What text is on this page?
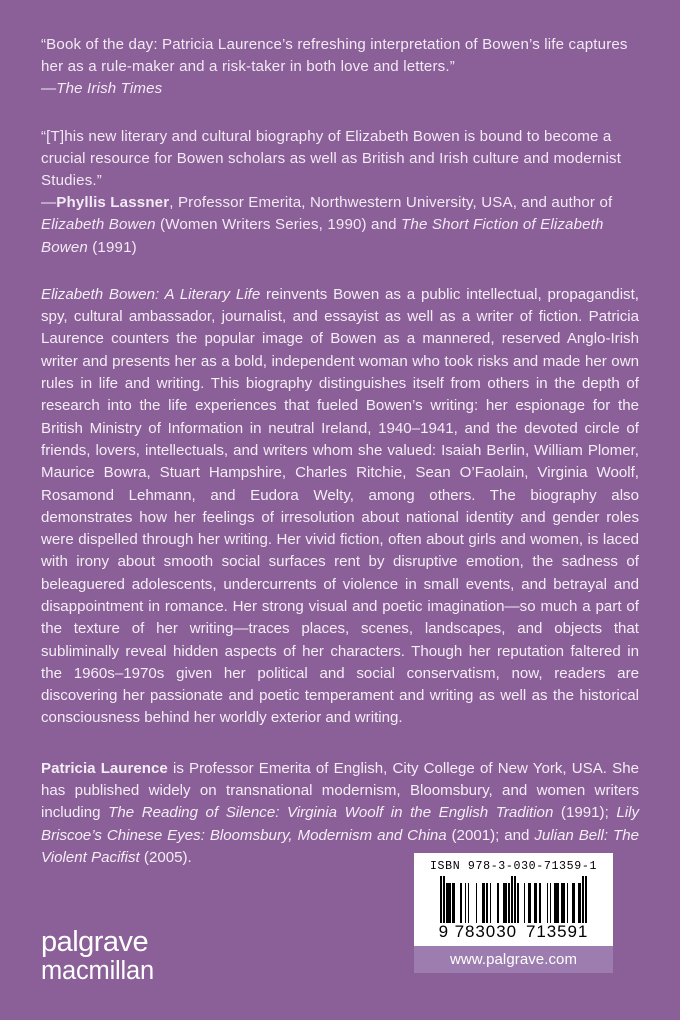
“Book of the day: Patricia Laurence’s refreshing interpretation of Bowen’s life captures her as a rule-maker and a risk-taker in both love and letters.”

—The Irish Times

“[T]his new literary and cultural biography of Elizabeth Bowen is bound to become a crucial resource for Bowen scholars as well as British and Irish culture and modernist Studies.”

—Phyllis Lassner, Professor Emerita, Northwestern University, USA, and author of Elizabeth Bowen (Women Writers Series, 1990) and The Short Fiction of Elizabeth Bowen (1991)

Elizabeth Bowen: A Literary Life reinvents Bowen as a public intellectual, propagandist, spy, cultural ambassador, journalist, and essayist as well as a writer of fiction. Patricia Laurence counters the popular image of Bowen as a mannered, reserved Anglo-Irish writer and presents her as a bold, independent woman who took risks and made her own rules in life and writing. This biography distinguishes itself from others in the depth of research into the life experiences that fueled Bowen’s writing: her espionage for the British Ministry of Information in neutral Ireland, 1940–1941, and the devoted circle of friends, lovers, intellectuals, and writers whom she valued: Isaiah Berlin, William Plomer, Maurice Bowra, Stuart Hampshire, Charles Ritchie, Sean O’Faolain, Virginia Woolf, Rosamond Lehmann, and Eudora Welty, among others. The biography also demonstrates how her feelings of irresolution about national identity and gender roles were dispelled through her writing. Her vivid fiction, often about girls and women, is laced with irony about smooth social surfaces rent by disruptive emotion, the sadness of beleaguered adolescents, undercurrents of violence in small events, and betrayal and disappointment in romance. Her strong visual and poetic imagination—so much a part of the texture of her writing—traces places, scenes, landscapes, and objects that subliminally reveal hidden aspects of her characters. Though her reputation faltered in the 1960s–1970s given her political and social conservatism, now, readers are discovering her passionate and poetic temperament and writing as well as the historical consciousness behind her worldly exterior and writing.

Patricia Laurence is Professor Emerita of English, City College of New York, USA. She has published widely on transnational modernism, Bloomsbury, and women writers including The Reading of Silence: Virginia Woolf in the English Tradition (1991); Lily Briscoe’s Chinese Eyes: Bloomsbury, Modernism and China (2001); and Julian Bell: The Violent Pacifist (2005).

palgrave
macmillan
ISBN 978-3-030-71359-1
9 783030 713591
www.palgrave.com
